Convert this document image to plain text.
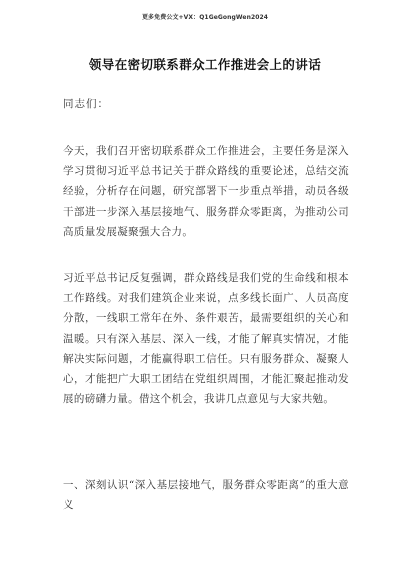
更多免费公文+VX：Q1GeGongWen2024
领导在密切联系群众工作推进会上的讲话
同志们：

今天，我们召开密切联系群众工作推进会，主要任务是深入学习贯彻习近平总书记关于群众路线的重要论述，总结交流经验，分析存在问题，研究部署下一步重点举措，动员各级干部进一步深入基层接地气、服务群众零距离，为推动公司高质量发展凝聚强大合力。

习近平总书记反复强调，群众路线是我们党的生命线和根本工作路线。对我们建筑企业来说，点多线长面广、人员高度分散，一线职工常年在外、条件艰苦，最需要组织的关心和温暖。只有深入基层、深入一线，才能了解真实情况，才能解决实际问题，才能赢得职工信任。只有服务群众、凝聚人心，才能把广大职工团结在党组织周围，才能汇聚起推动发展的磅礴力量。借这个机会，我讲几点意见与大家共勉。

一、深刻认识“深入基层接地气，服务群众零距离”的重大意义
